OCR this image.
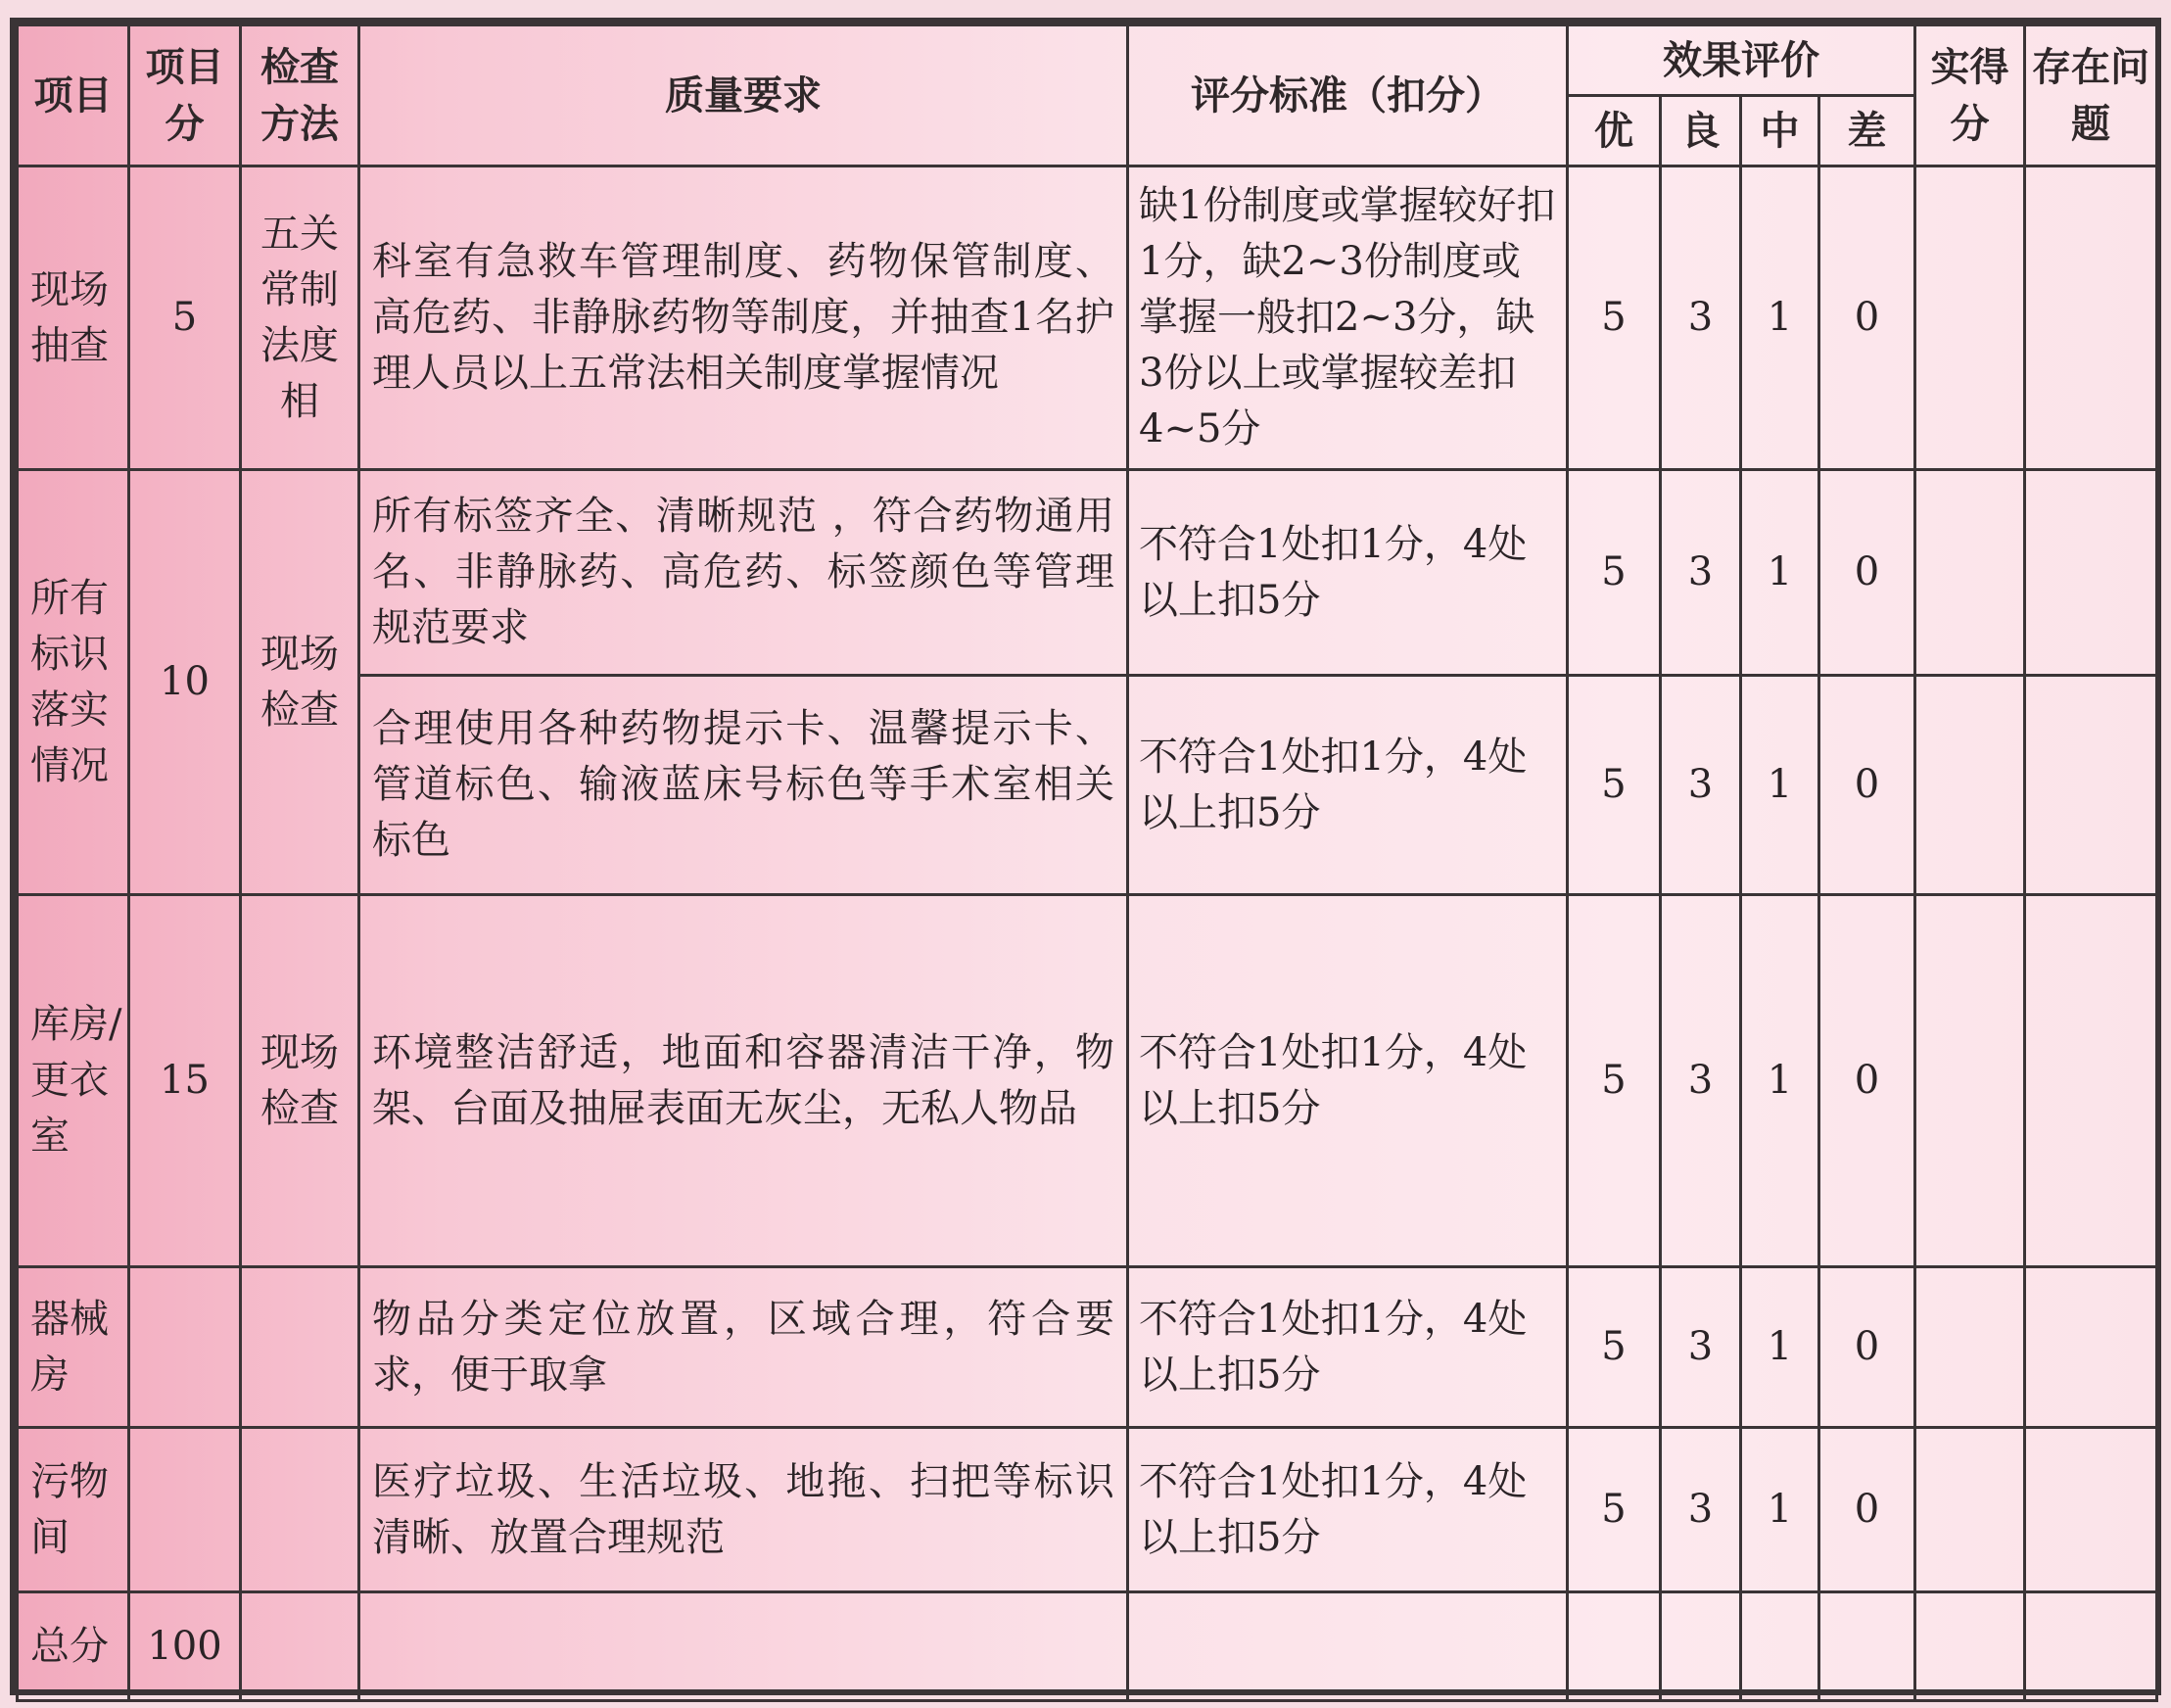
项目	项目分	检查方法	质量要求	评分标准（扣分）	效果评价				实得分	存在问题
					优	良	中	差		
现场抽查	5	五关常制法度相	科室有急救车管理制度、药物保管制度、高危药、非静脉药物等制度，并抽查1名护理人员以上五常法相关制度掌握情况	缺1份制度或掌握较好扣1分，缺2~3份制度或掌握一般扣2~3分，缺3份以上或掌握较差扣4~5分	5	3	1	0		
所有标识落实情况	10	现场检查	所有标签齐全、清晰规范 ，符合药物通用名、非静脉药、高危药、标签颜色等管理规范要求	不符合1处扣1分，4处以上扣5分	5	3	1	0		
			合理使用各种药物提示卡、温馨提示卡、管道标色、输液蓝床号标色等手术室相关标色	不符合1处扣1分，4处以上扣5分	5	3	1	0		
库房/更衣室	15	现场检查	环境整洁舒适，地面和容器清洁干净，物架、台面及抽屉表面无灰尘，无私人物品	不符合1处扣1分，4处以上扣5分	5	3	1	0		
器械房			物品分类定位放置，区域合理，符合要求，便于取拿	不符合1处扣1分，4处以上扣5分	5	3	1	0		
污物间			医疗垃圾、生活垃圾、地拖、扫把等标识清晰、放置合理规范	不符合1处扣1分，4处以上扣5分	5	3	1	0		
总分	100									
